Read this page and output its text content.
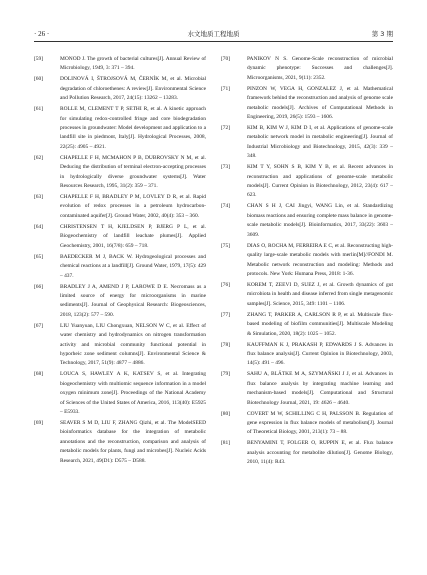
· 26 ·	水文地质工程地质	第 3 期
[59]	MONOD J. The growth of bacterial cultures[J]. Annual Review of Microbiology, 1949, 3: 371 – 394.
[60]	DOLINOVÁ I, ŠTROJSOVÁ M, ČERNÍK M, et al. Microbial degradation of chloroethenes: A review[J]. Environmental Science and Pollution Research, 2017, 24(15): 13262 – 13283.
[61]	ROLLE M, CLEMENT T P, SETHI R, et al. A kinetic approach for simulating redox-controlled fringe and core biodegradation processes in groundwater: Model development and application to a landfill site in piedmont, Italy[J]. Hydrological Processes, 2008, 22(25): 4905 – 4921.
[62]	CHAPELLE F H, MCMAHON P B, DUBROVSKY N M, et al. Deducing the distribution of terminal electron-accepting processes in hydrologically diverse groundwater systems[J]. Water Resources Research, 1995, 31(2): 359 – 371.
[63]	CHAPELLE F H, BRADLEY P M, LOVLEY D R, et al. Rapid evolution of redox processes in a petroleum hydrocarbon-contaminated aquifer[J]. Ground Water, 2002, 40(4): 353 – 360.
[64]	CHRISTENSEN T H, KJELDSEN P, BJERG P L, et al. Biogeochemistry of landfill leachate plumes[J]. Applied Geochemistry, 2001, 16(7/8): 659 – 718.
[65]	BAEDECKER M J, BACK W. Hydrogeological processes and chemical reactions at a landfill[J]. Ground Water, 1979, 17(5): 429 – 437.
[66]	BRADLEY J A, AMEND J P, LAROWE D E. Necromass as a limited source of energy for microorganisms in marine sediments[J]. Journal of Geophysical Research: Biogeosciences, 2018, 123(2): 577 – 590.
[67]	LIU Yuanyuan, LIU Chongxuan, NELSON W C, et al. Effect of water chemistry and hydrodynamics on nitrogen transformation activity and microbial community functional potential in hyporheic zone sediment columns[J]. Environmental Science & Technology, 2017, 51(9): 4877 – 4886.
[68]	LOUCA S, HAWLEY A K, KATSEV S, et al. Integrating biogeochemistry with multiomic sequence information in a model oxygen minimum zone[J]. Proceedings of the National Academy of Sciences of the United States of America, 2016, 113(40): E5925 – E5933.
[69]	SEAVER S M D, LIU F, ZHANG Qizhi, et al. The ModelSEED bioinformatics database for the integration of metabolic annotations and the reconstruction, comparison and analysis of metabolic models for plants, fungi and microbes[J]. Nucleic Acids Research, 2021, 49(D1): D575 – D588.
[70]	PANIKOV N S. Genome-Scale reconstruction of microbial dynamic phenotype: Successes and challenges[J]. Microorganisms, 2021, 9(11): 2352.
[71]	PINZON W, VEGA H, GONZALEZ J, et al. Mathematical framework behind the reconstruction and analysis of genome scale metabolic models[J]. Archives of Computational Methods in Engineering, 2019, 26(5): 1593 – 1606.
[72]	KIM B, KIM W J, KIM D I, et al. Applications of genome-scale metabolic network model in metabolic engineering[J]. Journal of Industrial Microbiology and Biotechnology, 2015, 42(3): 339 – 348.
[73]	KIM T Y, SOHN S B, KIM Y B, et al. Recent advances in reconstruction and applications of genome-scale metabolic models[J]. Current Opinion in Biotechnology, 2012, 23(4): 617 – 623.
[74]	CHAN S H J, CAI Jingyi, WANG Lin, et al. Standardizing biomass reactions and ensuring complete mass balance in genome-scale metabolic models[J]. Bioinformatics, 2017, 33(22): 3603 – 3609.
[75]	DIAS O, ROCHA M, FERREIRA E C, et al. Reconstructing high-quality large-scale metabolic models with merlin[M]//FONDI M. Metabolic network reconstruction and modeling: Methods and protocols. New York: Humana Press, 2018: 1-36.
[76]	KOREM T, ZEEVI D, SUEZ J, et al. Growth dynamics of gut microbiota in health and disease inferred from single metagenomic samples[J]. Science, 2015, 349: 1101 – 1106.
[77]	ZHANG T, PARKER A, CARLSON R P, et al. Multiscale flux-based modeling of biofilm communities[J]. Multiscale Modeling & Simulation, 2020, 18(2): 1025 – 1052.
[78]	KAUFFMAN K J, PRAKASH P, EDWARDS J S. Advances in flux balance analysis[J]. Current Opinion in Biotechnology, 2003, 14(5): 491 – 496.
[79]	SAHU A, BLÄTKE M A, SZYMAŃSKI J J, et al. Advances in flux balance analysis by integrating machine learning and mechanism-based models[J]. Computational and Structural Biotechnology Journal, 2021, 19: 4626 – 4640.
[80]	COVERT M W, SCHILLING C H, PALSSON B. Regulation of gene expression in flux balance models of metabolism[J]. Journal of Theoretical Biology, 2001, 213(1): 73 – 88.
[81]	BENYAMINI T, FOLGER O, RUPPIN E, et al. Flux balance analysis accounting for metabolite dilution[J]. Genome Biology, 2010, 11(4): R43.
